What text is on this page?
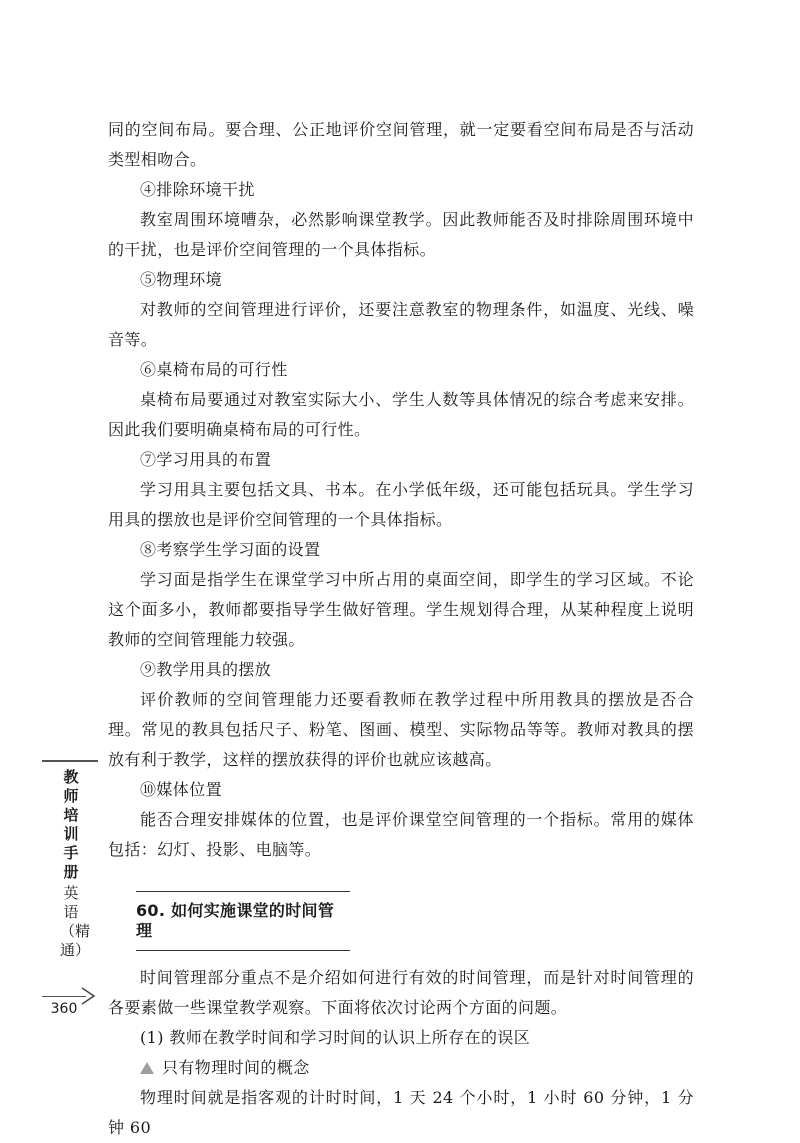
同的空间布局。要合理、公正地评价空间管理，就一定要看空间布局是否与活动类型相吻合。

④排除环境干扰

教室周围环境嘈杂，必然影响课堂教学。因此教师能否及时排除周围环境中的干扰，也是评价空间管理的一个具体指标。

⑤物理环境

对教师的空间管理进行评价，还要注意教室的物理条件，如温度、光线、噪音等。

⑥桌椅布局的可行性

桌椅布局要通过对教室实际大小、学生人数等具体情况的综合考虑来安排。因此我们要明确桌椅布局的可行性。

⑦学习用具的布置

学习用具主要包括文具、书本。在小学低年级，还可能包括玩具。学生学习用具的摆放也是评价空间管理的一个具体指标。

⑧考察学生学习面的设置

学习面是指学生在课堂学习中所占用的桌面空间，即学生的学习区域。不论这个面多小，教师都要指导学生做好管理。学生规划得合理，从某种程度上说明教师的空间管理能力较强。

⑨教学用具的摆放

评价教师的空间管理能力还要看教师在教学过程中所用教具的摆放是否合理。常见的教具包括尺子、粉笔、图画、模型、实际物品等等。教师对教具的摆放有利于教学，这样的摆放获得的评价也就应该越高。

⑩媒体位置

能否合理安排媒体的位置，也是评价课堂空间管理的一个指标。常用的媒体包括：幻灯、投影、电脑等。

60. 如何实施课堂的时间管理

时间管理部分重点不是介绍如何进行有效的时间管理，而是针对时间管理的各要素做一些课堂教学观察。下面将依次讨论两个方面的问题。

(1) 教师在教学时间和学习时间的认识上所存在的误区

只有物理时间的概念

物理时间就是指客观的计时时间，1 天 24 个小时，1 小时 60 分钟，1 分钟 60

教师培训手册
英语（精通）
360
